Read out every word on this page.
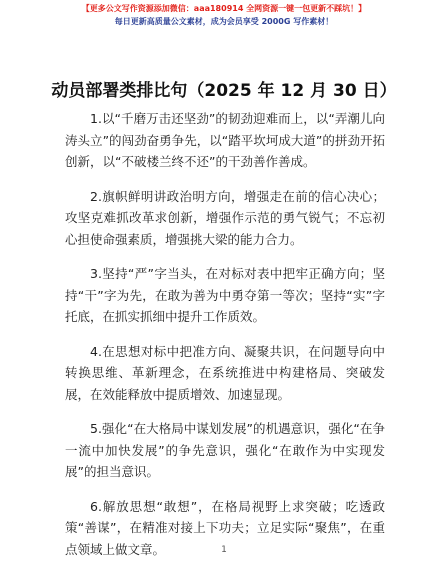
【更多公文写作资源添加微信：aaa180914 全网资源一键一包更新不踩坑！】
每日更新高质量公文素材，成为会员享受 2000G 写作素材！
动员部署类排比句（2025 年 12 月 30 日）

1.以“千磨万击还坚劲”的韧劲迎难而上，以“弄潮儿向涛头立”的闯劲奋勇争先，以“踏平坎坷成大道”的拼劲开拓创新，以“不破楼兰终不还”的干劲善作善成。

2.旗帜鲜明讲政治明方向，增强走在前的信心决心；攻坚克难抓改革求创新，增强作示范的勇气锐气；不忘初心担使命强素质，增强挑大梁的能力合力。

3.坚持“严”字当头，在对标对表中把牢正确方向；坚持“干”字为先，在敢为善为中勇夺第一等次；坚持“实”字托底，在抓实抓细中提升工作质效。

4.在思想对标中把准方向、凝聚共识，在问题导向中转换思维、革新理念，在系统推进中构建格局、突破发展，在效能释放中提质增效、加速显现。

5.强化“在大格局中谋划发展”的机遇意识，强化“在争一流中加快发展”的争先意识，强化“在敢作为中实现发展”的担当意识。

6.解放思想“敢想”，在格局视野上求突破；吃透政策“善谋”，在精准对接上下功夫；立足实际“聚焦”，在重点领域上做文章。	1
